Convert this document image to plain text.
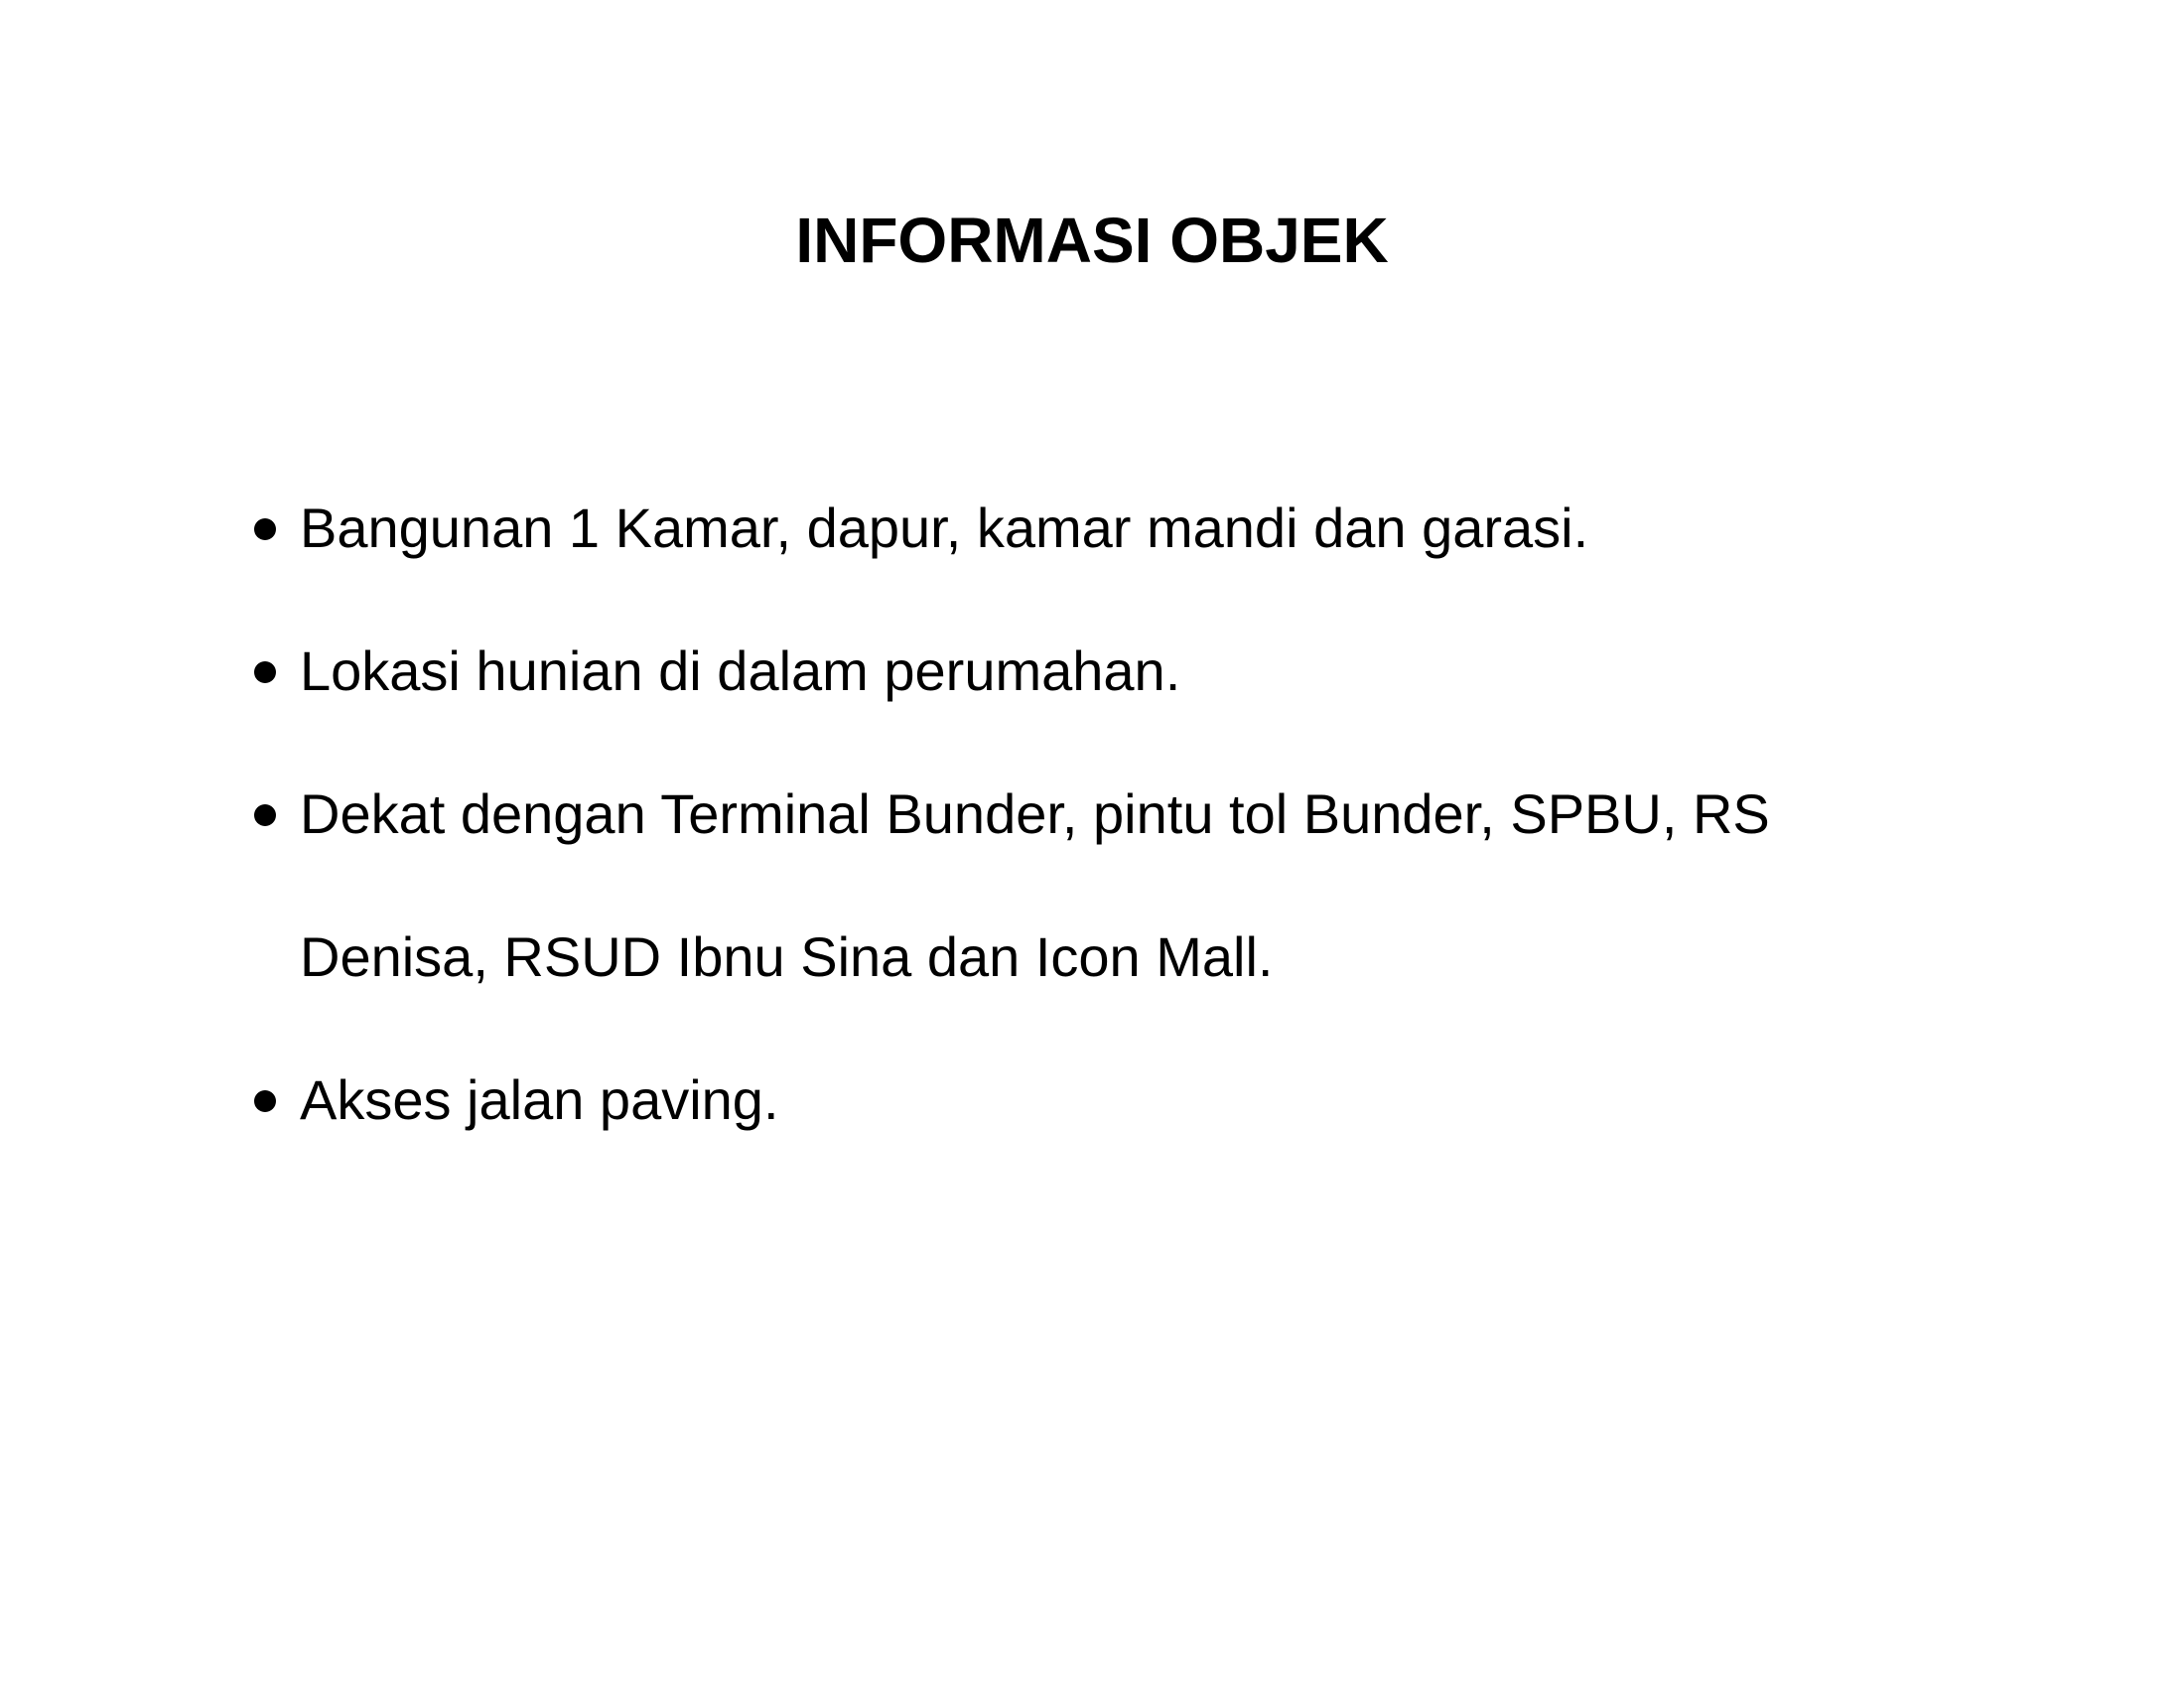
INFORMASI OBJEK
Bangunan 1 Kamar, dapur, kamar mandi dan garasi.
Lokasi hunian di dalam perumahan.
Dekat dengan Terminal Bunder, pintu tol Bunder, SPBU, RS
Denisa, RSUD Ibnu Sina dan Icon Mall.
Akses jalan paving.
